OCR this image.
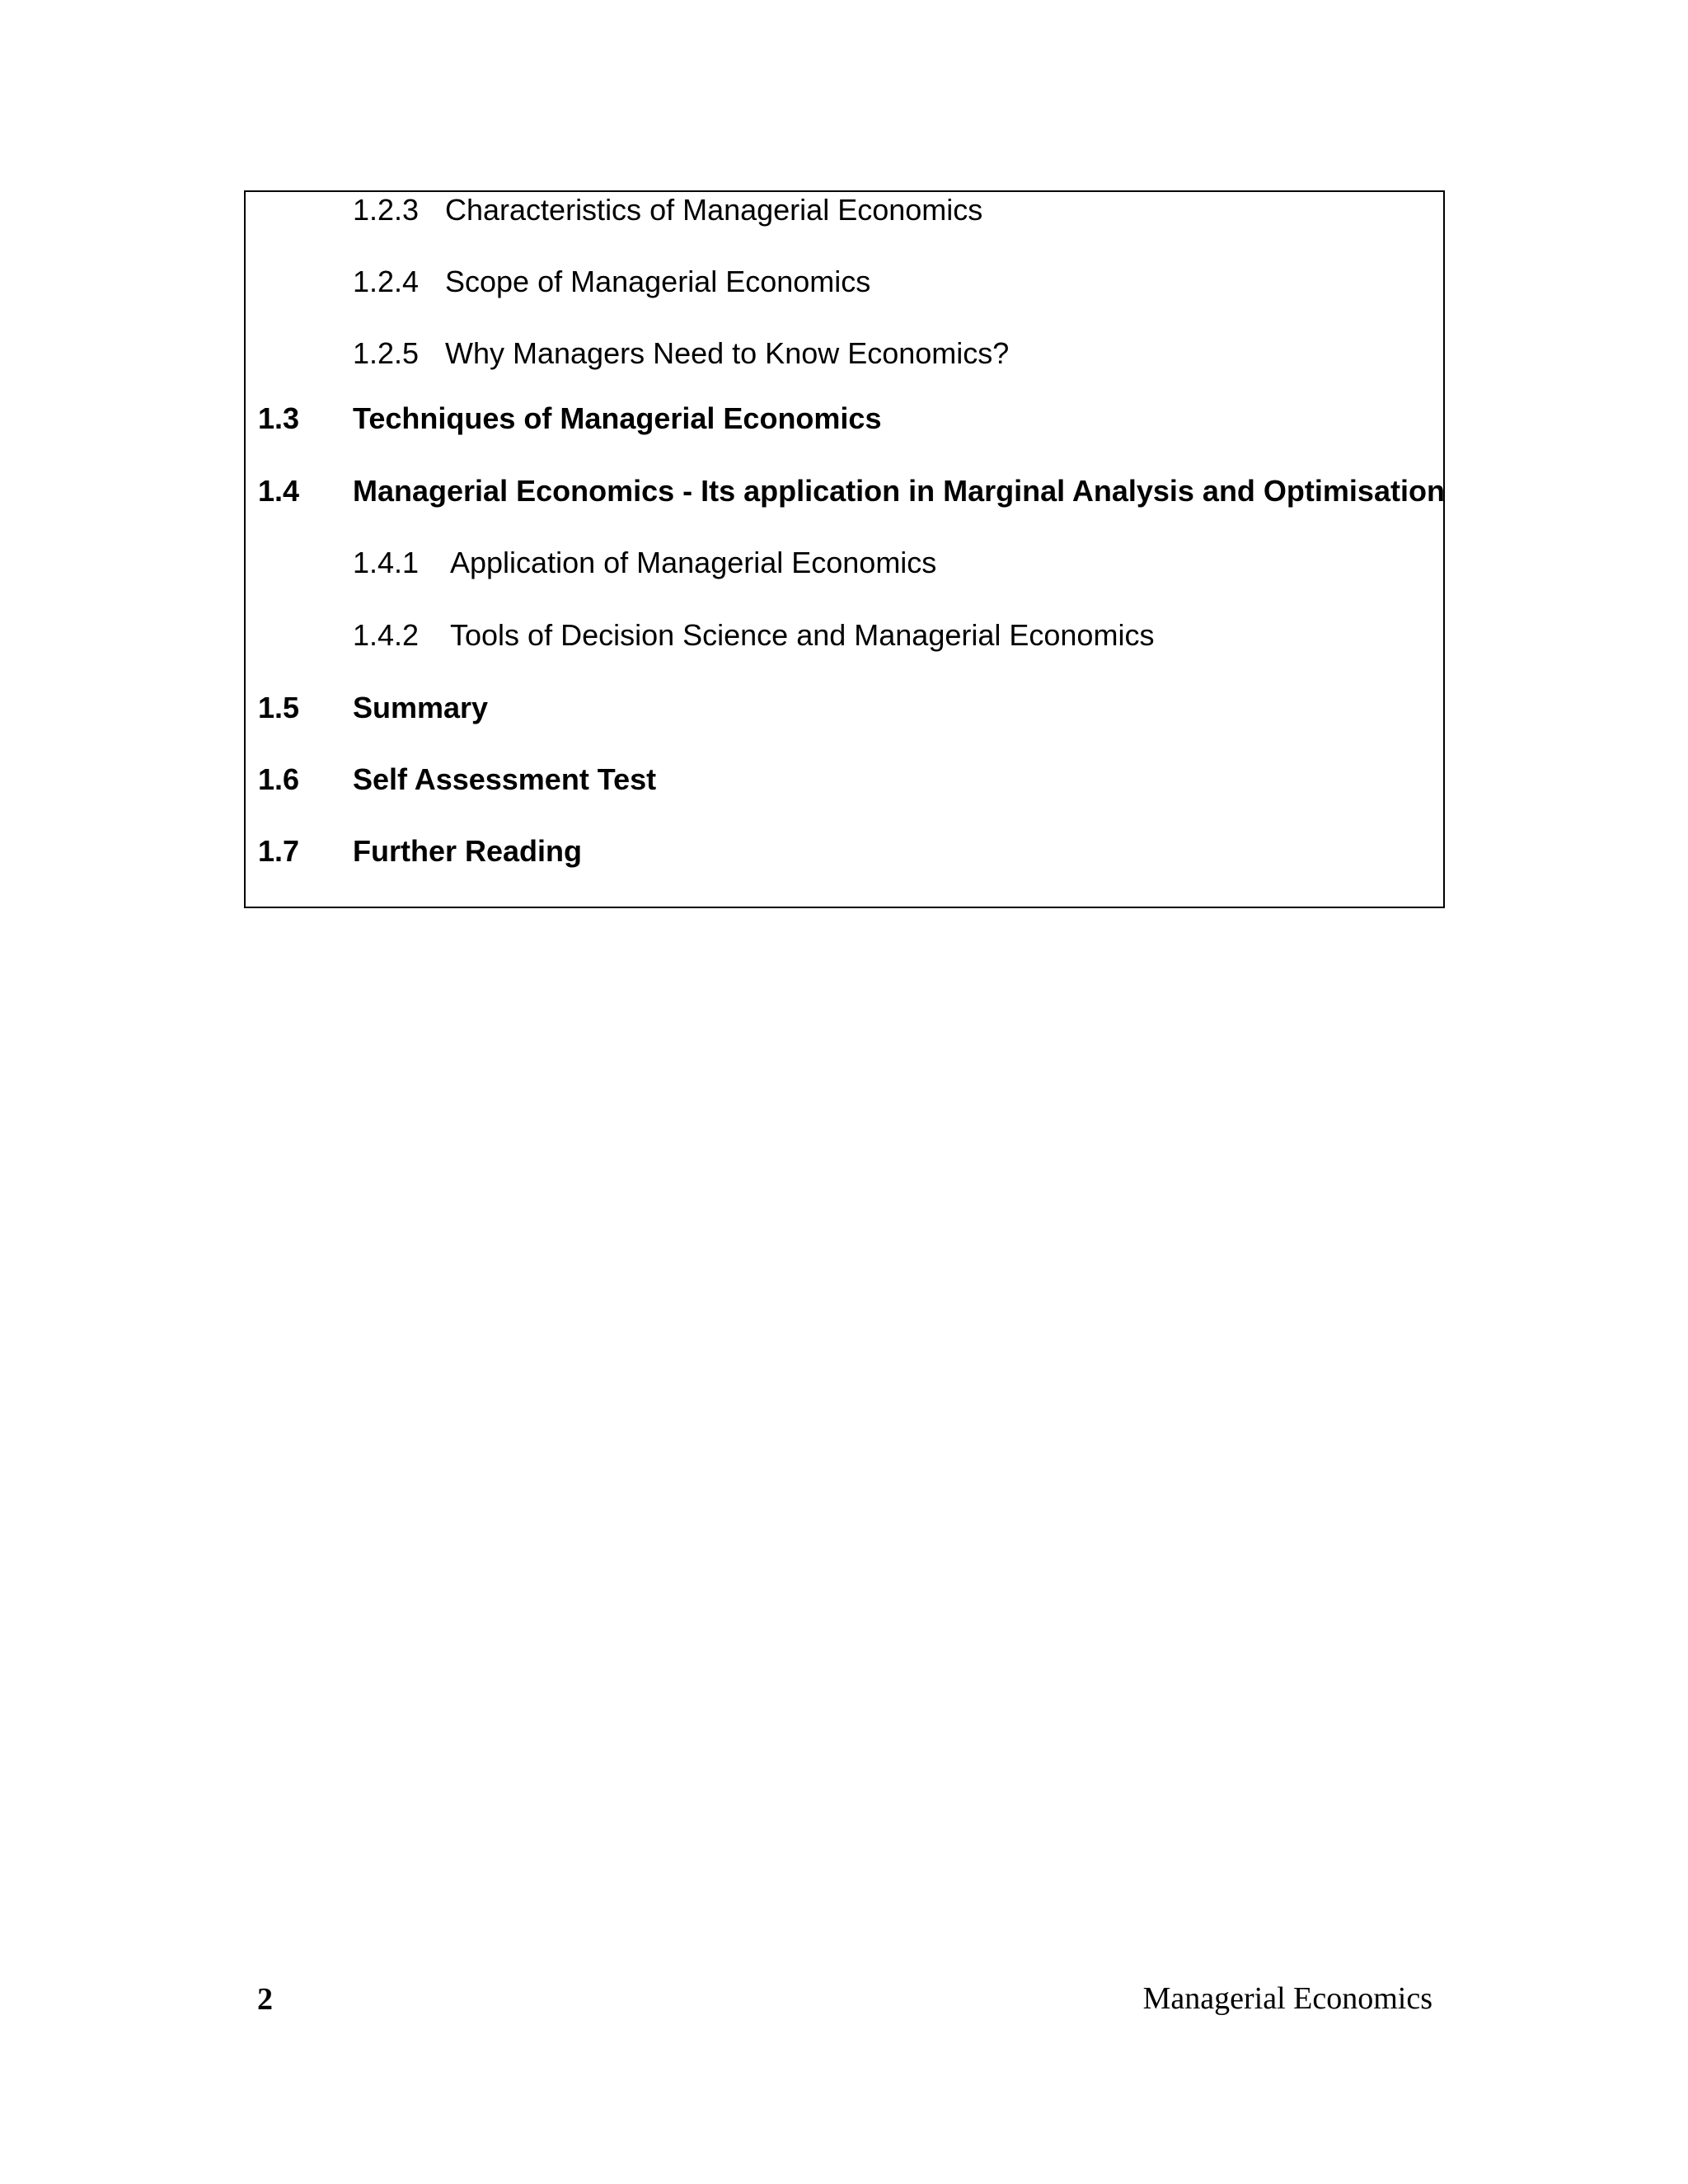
1.2.3 Characteristics of Managerial Economics
1.2.4 Scope of Managerial Economics
1.2.5 Why Managers Need to Know Economics?
1.3 Techniques of Managerial Economics
1.4 Managerial Economics - Its application in Marginal Analysis and Optimisation
1.4.1 Application of Managerial Economics
1.4.2 Tools of Decision Science and Managerial Economics
1.5 Summary
1.6 Self Assessment Test
1.7 Further Reading
2	Managerial Economics
